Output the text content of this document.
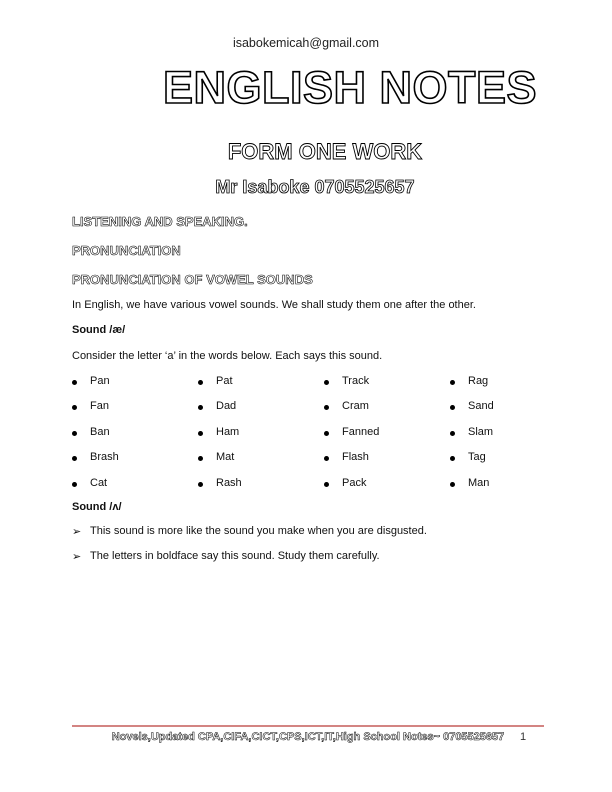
isabokemicah@gmail.com
ENGLISH NOTES
FORM ONE WORK
Mr Isaboke 0705525657
LISTENING AND SPEAKING.
PRONUNCIATION
PRONUNCIATION OF VOWEL SOUNDS
In English, we have various vowel sounds. We shall study them one after the other.
Sound /æ/
Consider the letter ‘a’ in the words below. Each says this sound.
Pan	Pat	Track	Rag
Fan	Dad	Cram	Sand
Ban	Ham	Fanned	Slam
Brash	Mat	Flash	Tag
Cat	Rash	Pack	Man
Sound /ʌ/
➢ This sound is more like the sound you make when you are disgusted.
➢ The letters in boldface say this sound. Study them carefully.
Novels,Updated CPA,CIFA,CICT,CPS,ICT,IT,High School Notes~ 0705525657	1
